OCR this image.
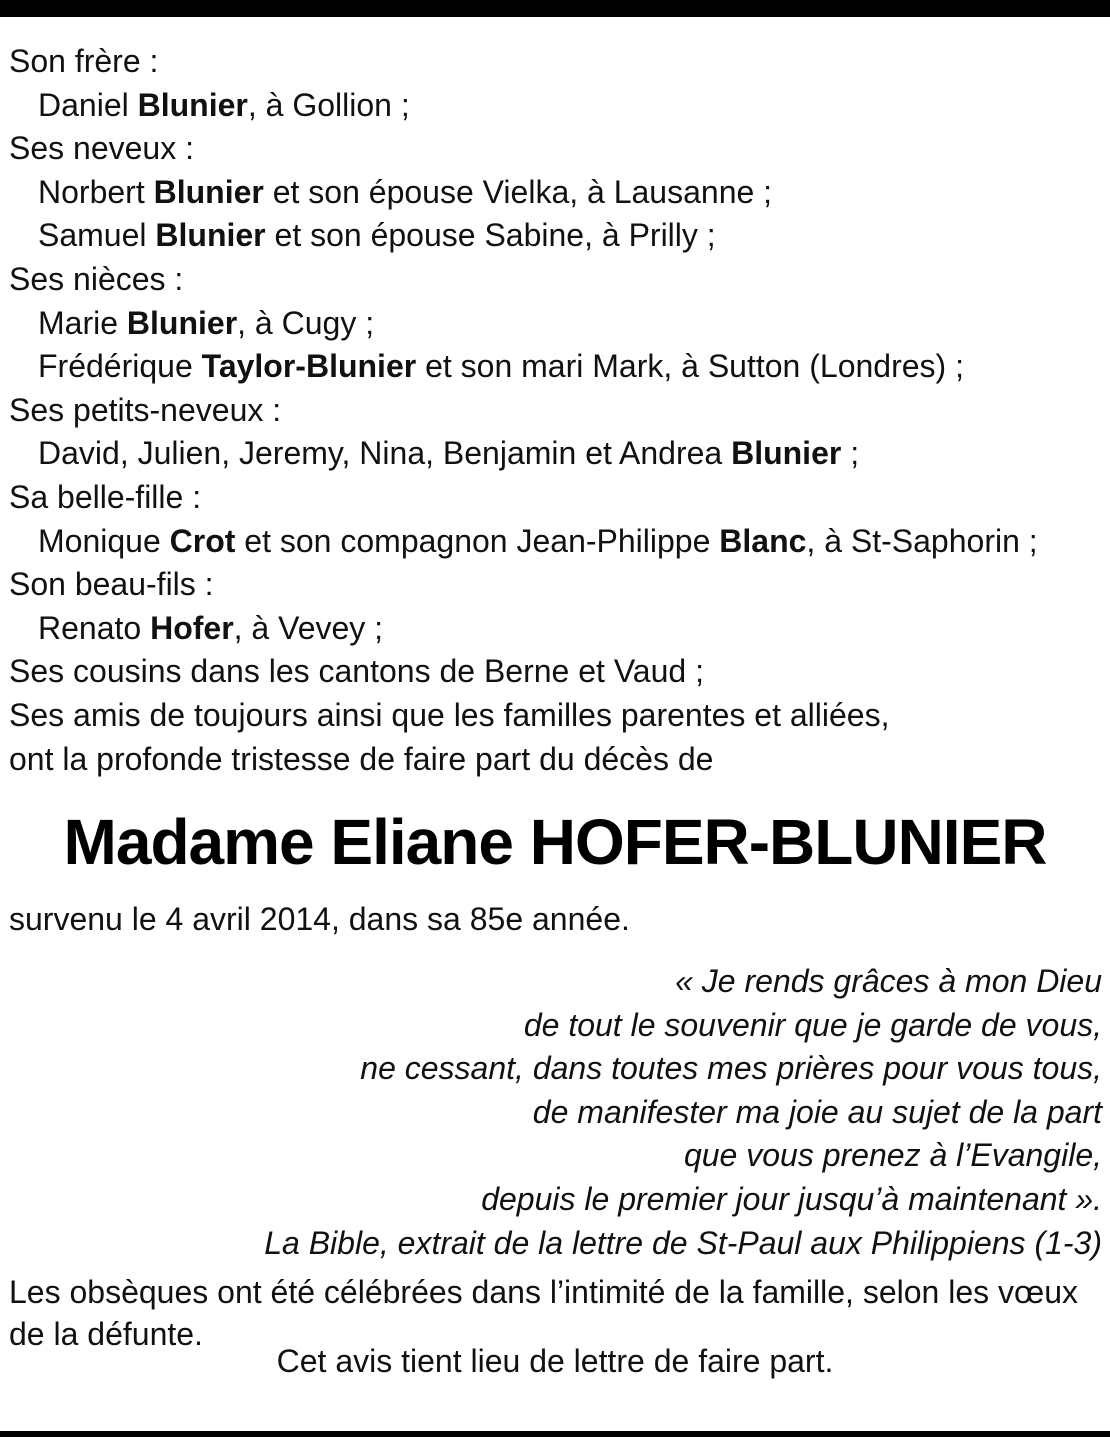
Son frère :
Daniel Blunier, à Gollion ;
Ses neveux :
Norbert Blunier et son épouse Vielka, à Lausanne ;
Samuel Blunier et son épouse Sabine, à Prilly ;
Ses nièces :
Marie Blunier, à Cugy ;
Frédérique Taylor-Blunier et son mari Mark, à Sutton (Londres) ;
Ses petits-neveux :
David, Julien, Jeremy, Nina, Benjamin et Andrea Blunier ;
Sa belle-fille :
Monique Crot et son compagnon Jean-Philippe Blanc, à St-Saphorin ;
Son beau-fils :
Renato Hofer, à Vevey ;
Ses cousins dans les cantons de Berne et Vaud ;
Ses amis de toujours ainsi que les familles parentes et alliées,
ont la profonde tristesse de faire part du décès de
Madame Eliane HOFER-BLUNIER
survenu le 4 avril 2014, dans sa 85e année.
« Je rends grâces à mon Dieu
de tout le souvenir que je garde de vous,
ne cessant, dans toutes mes prières pour vous tous,
de manifester ma joie au sujet de la part
que vous prenez à l’Evangile,
depuis le premier jour jusqu’à maintenant ».
La Bible, extrait de la lettre de St-Paul aux Philippiens (1-3)
Les obsèques ont été célébrées dans l’intimité de la famille, selon les vœux de la défunte.
Cet avis tient lieu de lettre de faire part.
